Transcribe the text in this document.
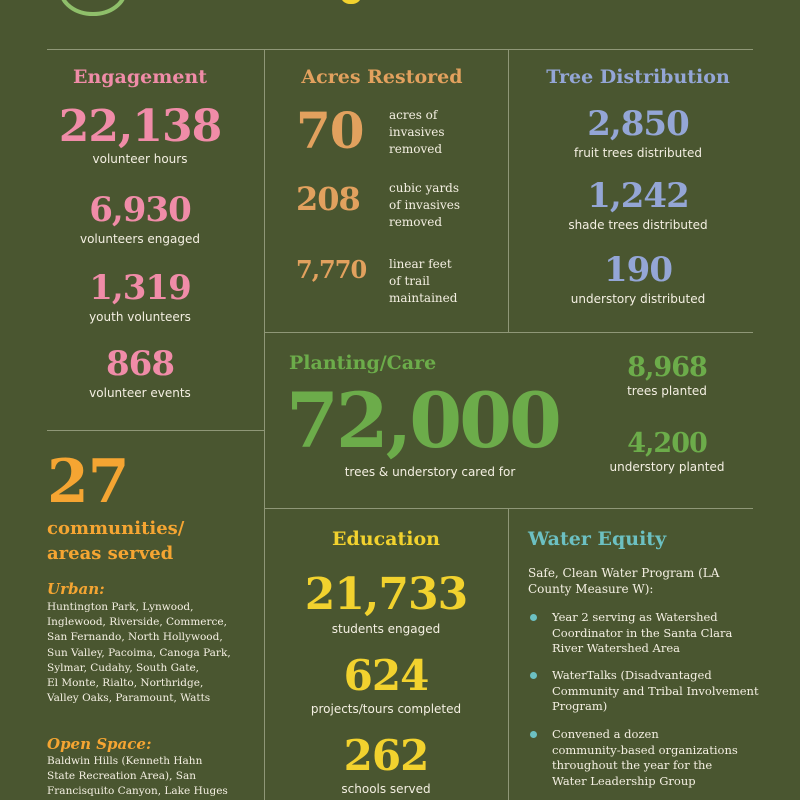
Engagement
22,138
volunteer hours
6,930
volunteers engaged
1,319
youth volunteers
868
volunteer events
Acres Restored
70 acres of
invasives
removed
208 cubic yards
of invasives
removed
7,770 linear feet
of trail
maintained
Tree Distribution
2,850
fruit trees distributed
1,242
shade trees distributed
190
understory distributed
Planting/Care
72,000
trees & understory cared for
8,968
trees planted
4,200
understory planted
27
communities/
areas served
Urban:
Huntington Park, Lynwood,
Inglewood, Riverside, Commerce,
San Fernando, North Hollywood,
Sun Valley, Pacoima, Canoga Park,
Sylmar, Cudahy, South Gate,
El Monte, Rialto, Northridge,
Valley Oaks, Paramount, Watts
Open Space:
Baldwin Hills (Kenneth Hahn
State Recreation Area), San
Francisquito Canyon, Lake Huges
Education
21,733
students engaged
624
projects/tours completed
262
schools served
Water Equity
Safe, Clean Water Program (LA
County Measure W):
Year 2 serving as Watershed
Coordinator in the Santa Clara
River Watershed Area
WaterTalks (Disadvantaged
Community and Tribal Involvement
Program)
Convened a dozen
community-based organizations
throughout the year for the
Water Leadership Group
